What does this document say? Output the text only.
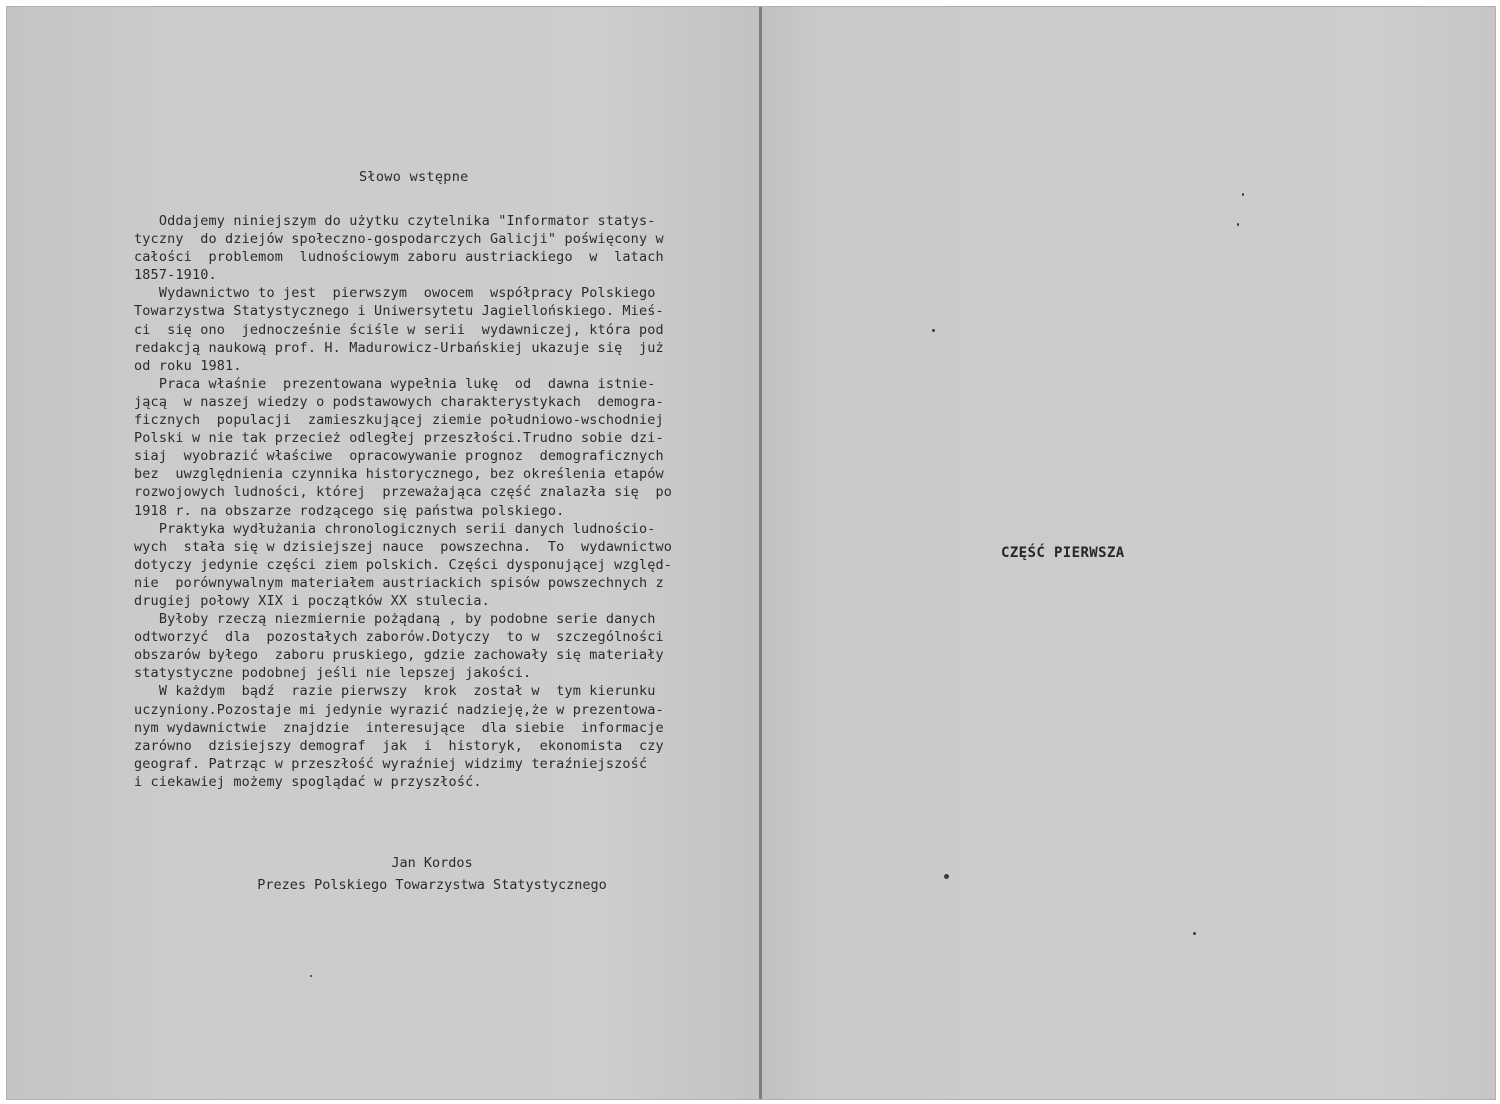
Słowo wstępne
Oddajemy niniejszym do użytku czytelnika "Informator statys-
tyczny  do dziejów społeczno-gospodarczych Galicji" poświęcony w
całości  problemom  ludnościowym zaboru austriackiego  w  latach
1857-1910.
Wydawnictwo to jest  pierwszym  owocem  współpracy Polskiego
Towarzystwa Statystycznego i Uniwersytetu Jagiellońskiego. Mieś-
ci  się ono  jednocześnie ściśle w serii  wydawniczej, która pod
redakcją naukową prof. H. Madurowicz-Urbańskiej ukazuje się  już
od roku 1981.
Praca właśnie  prezentowana wypełnia lukę  od  dawna istnie-
jącą  w naszej wiedzy o podstawowych charakterystykach  demogra-
ficznych  populacji  zamieszkującej ziemie południowo-wschodniej
Polski w nie tak przecież odległej przeszłości.Trudno sobie dzi-
siaj  wyobrazić właściwe  opracowywanie prognoz  demograficznych
bez  uwzględnienia czynnika historycznego, bez określenia etapów
rozwojowych ludności, której  przeważająca część znalazła się  po
1918 r. na obszarze rodzącego się państwa polskiego.
Praktyka wydłużania chronologicznych serii danych ludnościo-
wych  stała się w dzisiejszej nauce  powszechna.  To  wydawnictwo
dotyczy jedynie części ziem polskich. Części dysponującej względ-
nie  porównywalnym materiałem austriackich spisów powszechnych z
drugiej połowy XIX i początków XX stulecia.
Byłoby rzeczą niezmiernie pożądaną , by podobne serie danych
odtworzyć  dla  pozostałych zaborów.Dotyczy  to w  szczególności
obszarów byłego  zaboru pruskiego, gdzie zachowały się materiały
statystyczne podobnej jeśli nie lepszej jakości.
W każdym  bądź  razie pierwszy  krok  został w  tym kierunku
uczyniony.Pozostaje mi jedynie wyrazić nadzieję,że w prezentowa-
nym wydawnictwie  znajdzie  interesujące  dla siebie  informacje
zarówno  dzisiejszy demograf  jak  i  historyk,  ekonomista  czy
geograf. Patrząc w przeszłość wyraźniej widzimy teraźniejszość
i ciekawiej możemy spoglądać w przyszłość.
Jan Kordos
Prezes Polskiego Towarzystwa Statystycznego
CZĘŚĆ PIERWSZA
